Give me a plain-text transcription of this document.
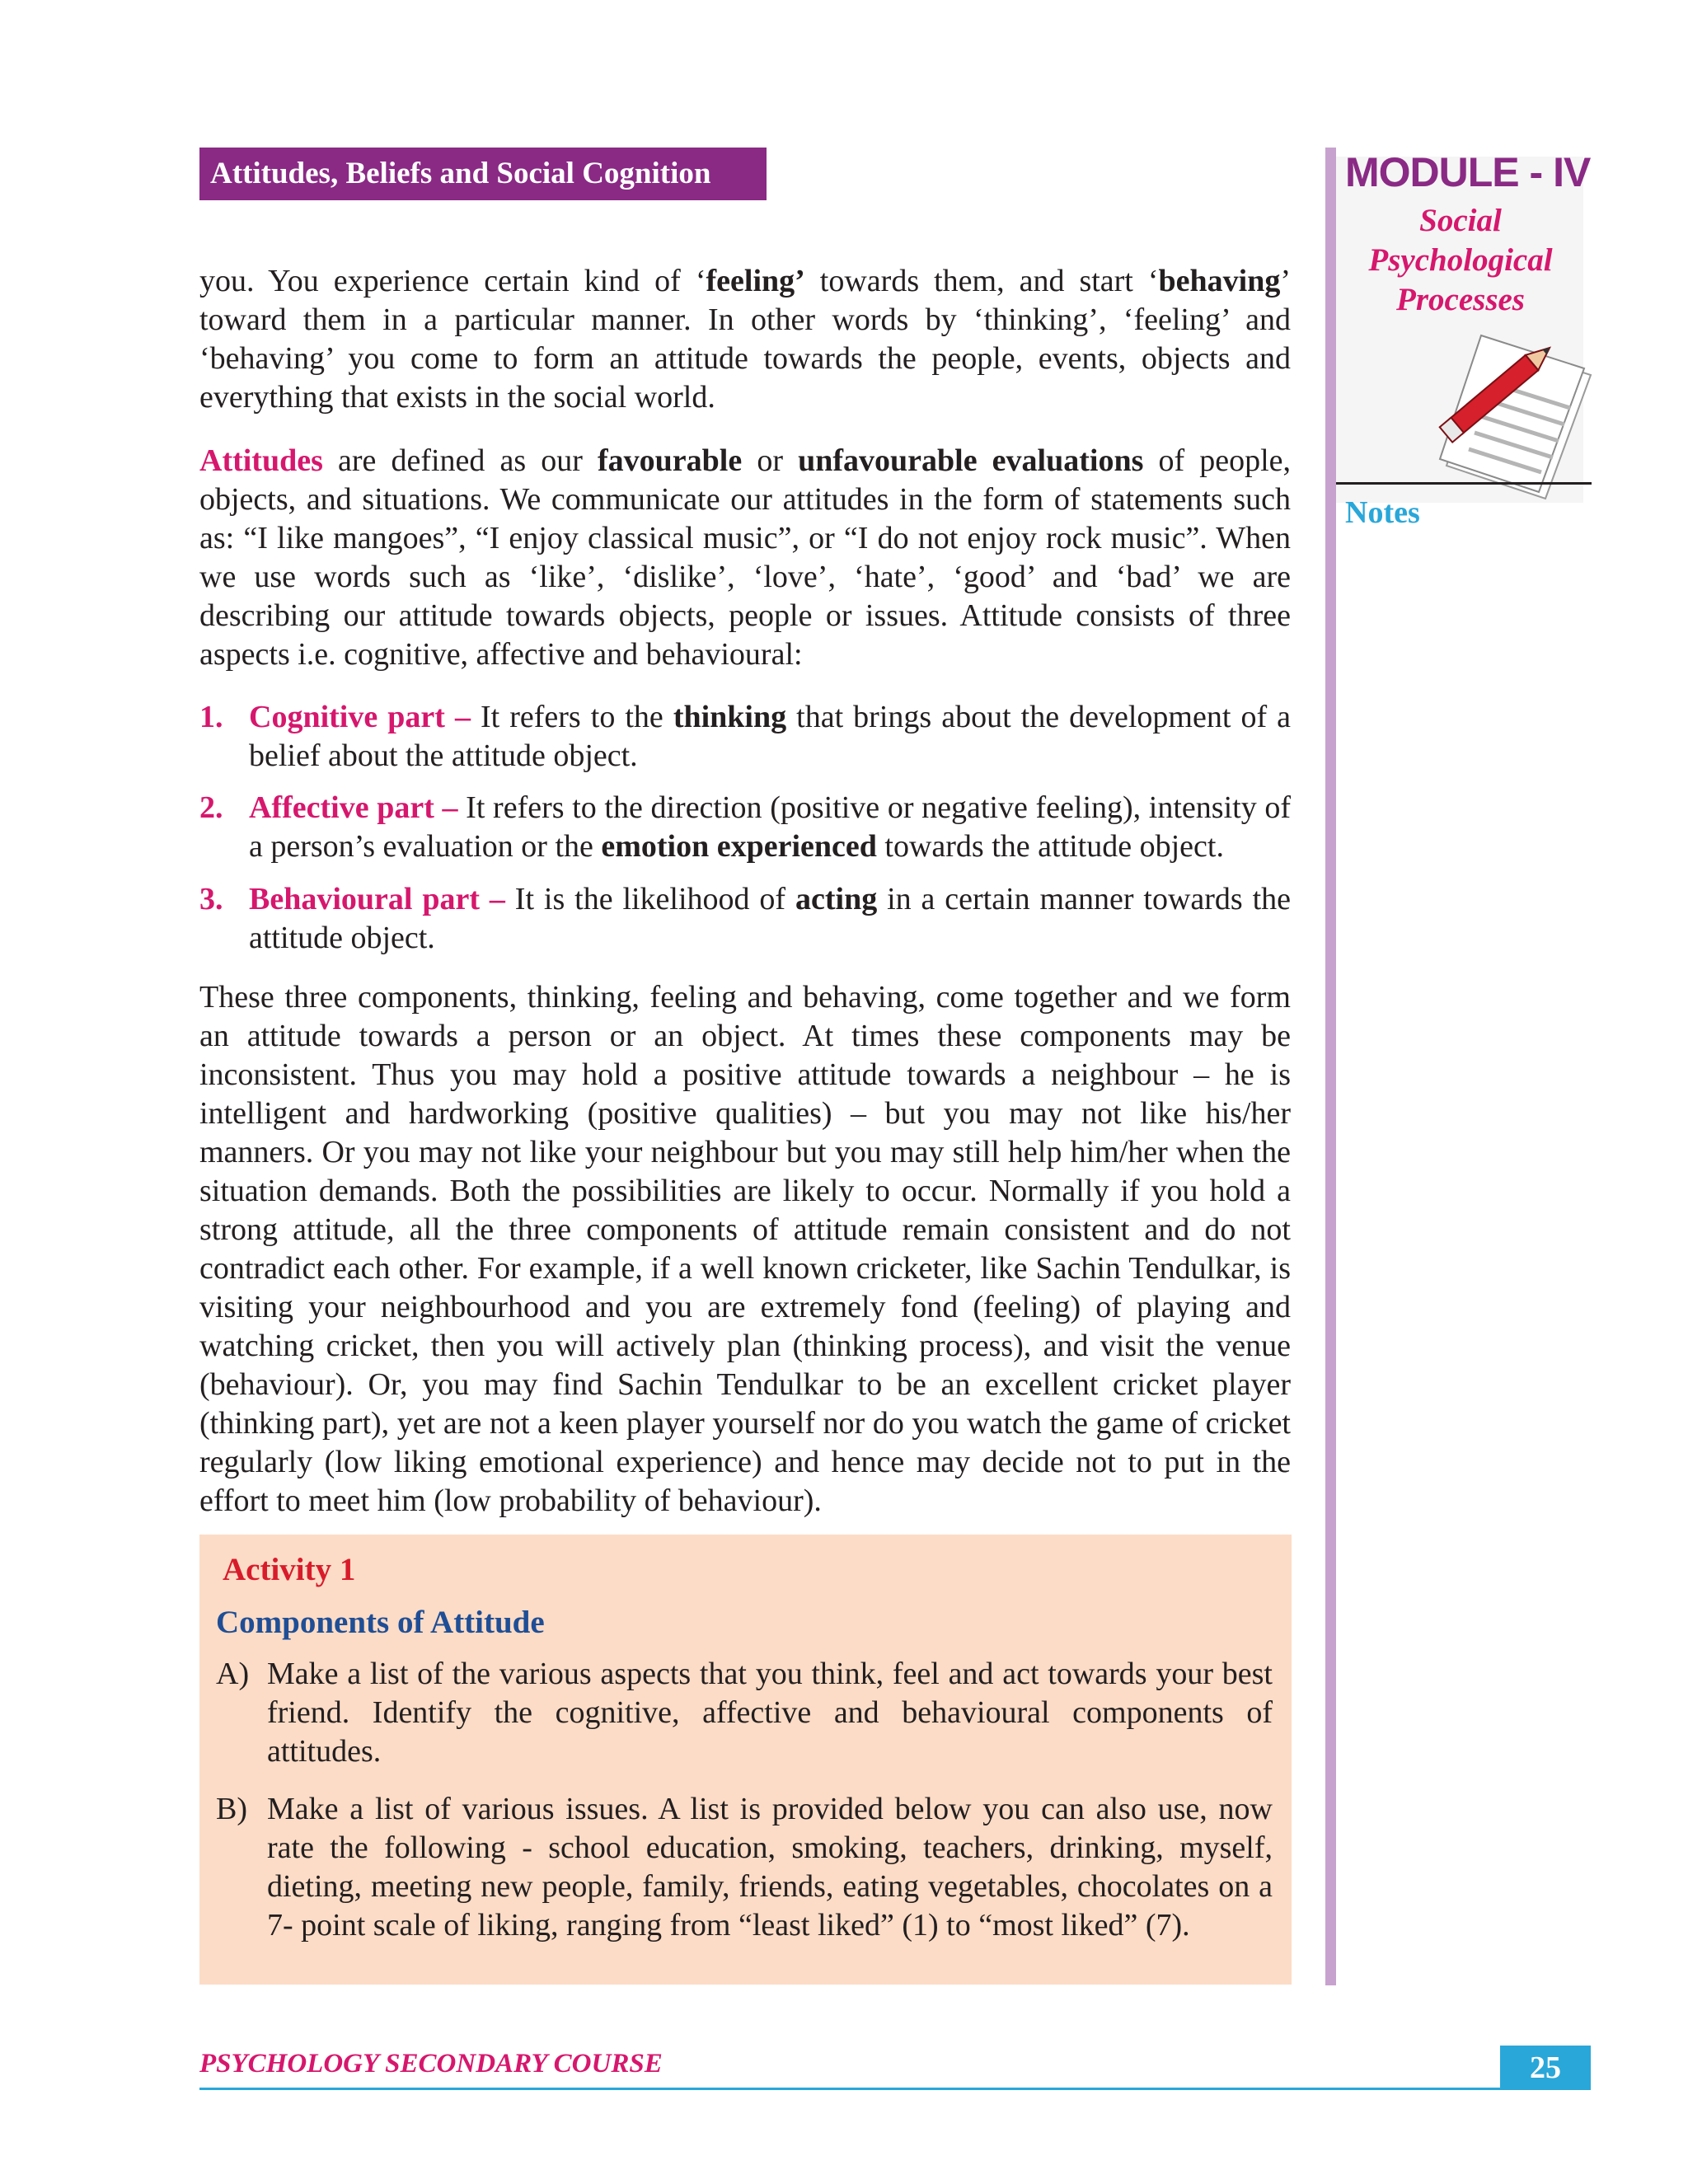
Attitudes, Beliefs and Social Cognition	MODULE - IV
Social
Psychological
Processes
Notes

you. You experience certain kind of ‘feeling’ towards them, and start ‘behaving’ toward them in a particular manner. In other words by ‘thinking’, ‘feeling’ and ‘behaving’ you come to form an attitude towards the people, events, objects and everything that exists in the social world.

Attitudes are defined as our favourable or unfavourable evaluations of people, objects, and situations. We communicate our attitudes in the form of statements such as: “I like mangoes”, “I enjoy classical music”, or “I do not enjoy rock music”. When we use words such as ‘like’, ‘dislike’, ‘love’, ‘hate’, ‘good’ and ‘bad’ we are describing our attitude towards objects, people or issues. Attitude consists of three aspects i.e. cognitive, affective and behavioural:

1. Cognitive part – It refers to the thinking that brings about the development of a belief about the attitude object.
2. Affective part – It refers to the direction (positive or negative feeling), intensity of a person’s evaluation or the emotion experienced towards the attitude object.
3. Behavioural part – It is the likelihood of acting in a certain manner towards the attitude object.

These three components, thinking, feeling and behaving, come together and we form an attitude towards a person or an object. At times these components may be inconsistent. Thus you may hold a positive attitude towards a neighbour – he is intelligent and hardworking (positive qualities) – but you may not like his/her manners. Or you may not like your neighbour but you may still help him/her when the situation demands. Both the possibilities are likely to occur. Normally if you hold a strong attitude, all the three components of attitude remain consistent and do not contradict each other. For example, if a well known cricketer, like Sachin Tendulkar, is visiting your neighbourhood and you are extremely fond (feeling) of playing and watching cricket, then you will actively plan (thinking process), and visit the venue (behaviour). Or, you may find Sachin Tendulkar to be an excellent cricket player (thinking part), yet are not a keen player yourself nor do you watch the game of cricket regularly (low liking emotional experience) and hence may decide not to put in the effort to meet him (low probability of behaviour).

Activity 1
Components of Attitude
A) Make a list of the various aspects that you think, feel and act towards your best friend. Identify the cognitive, affective and behavioural components of attitudes.
B) Make a list of various issues. A list is provided below you can also use, now rate the following - school education, smoking, teachers, drinking, myself, dieting, meeting new people, family, friends, eating vegetables, chocolates on a 7- point scale of liking, ranging from “least liked” (1) to “most liked” (7).
PSYCHOLOGY SECONDARY COURSE	25
